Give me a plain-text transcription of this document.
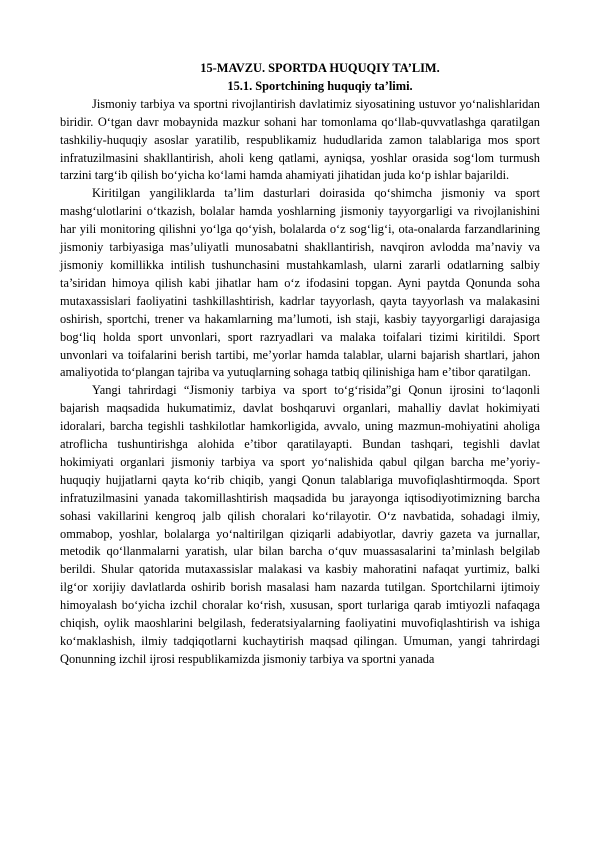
15-MAVZU. SPORTDA HUQUQIY TA’LIM.

15.1. Sportchining huquqiy ta’limi.

Jismoniy tarbiya va sportni rivojlantirish davlatimiz siyosatining ustuvor yo‘nalishlaridan biridir. O‘tgan davr mobaynida mazkur sohani har tomonlama qo‘llab-quvvatlashga qaratilgan tashkiliy-huquqiy asoslar yaratilib, respublikamiz hududlarida zamon talablariga mos sport infratuzilmasini shakllantirish, aholi keng qatlami, ayniqsa, yoshlar orasida sog‘lom turmush tarzini targ‘ib qilish bo‘yicha ko‘lami hamda ahamiyati jihatidan juda ko‘p ishlar bajarildi.

Kiritilgan yangiliklarda ta’lim dasturlari doirasida qo‘shimcha jismoniy va sport mashg‘ulotlarini o‘tkazish, bolalar hamda yoshlarning jismoniy tayyorgarligi va rivojlanishini har yili monitoring qilishni yo‘lga qo‘yish, bolalarda o‘z sog‘lig‘i, ota-onalarda farzandlarining jismoniy tarbiyasiga mas’uliyatli munosabatni shakllantirish, navqiron avlodda ma’naviy va jismoniy komillikka intilish tushunchasini mustahkamlash, ularni zararli odatlarning salbiy ta’siridan himoya qilish kabi jihatlar ham o‘z ifodasini topgan. Ayni paytda Qonunda soha mutaxassislari faoliyatini tashkillashtirish, kadrlar tayyorlash, qayta tayyorlash va malakasini oshirish, sportchi, trener va hakamlarning ma’lumoti, ish staji, kasbiy tayyorgarligi darajasiga bog‘liq holda sport unvonlari, sport razryadlari va malaka toifalari tizimi kiritildi. Sport unvonlari va toifalarini berish tartibi, me’yorlar hamda talablar, ularni bajarish shartlari, jahon amaliyotida to‘plangan tajriba va yutuqlarning sohaga tatbiq qilinishiga ham e’tibor qaratilgan.

Yangi tahrirdagi “Jismoniy tarbiya va sport to‘g‘risida”gi Qonun ijrosini to‘laqonli bajarish maqsadida hukumatimiz, davlat boshqaruvi organlari, mahalliy davlat hokimiyati idoralari, barcha tegishli tashkilotlar hamkorligida, avvalo, uning mazmun-mohiyatini aholiga atroflicha tushuntirishga alohida e’tibor qaratilayapti. Bundan tashqari, tegishli davlat hokimiyati organlari jismoniy tarbiya va sport yo‘nalishida qabul qilgan barcha me’yoriy-huquqiy hujjatlarni qayta ko‘rib chiqib, yangi Qonun talablariga muvofiqlashtirmoqda. Sport infratuzilmasini yanada takomillashtirish maqsadida bu jarayonga iqtisodiyotimizning barcha sohasi vakillarini kengroq jalb qilish choralari ko‘rilayotir. O‘z navbatida, sohadagi ilmiy, ommabop, yoshlar, bolalarga yo‘naltirilgan qiziqarli adabiyotlar, davriy gazeta va jurnallar, metodik qo‘llanmalarni yaratish, ular bilan barcha o‘quv muassasalarini ta’minlash belgilab berildi. Shular qatorida mutaxassislar malakasi va kasbiy mahoratini nafaqat yurtimiz, balki ilg‘or xorijiy davlatlarda oshirib borish masalasi ham nazarda tutilgan. Sportchilarni ijtimoiy himoyalash bo‘yicha izchil choralar ko‘rish, xususan, sport turlariga qarab imtiyozli nafaqaga chiqish, oylik maoshlarini belgilash, federatsiyalarning faoliyatini muvofiqlashtirish va ishiga ko‘maklashish, ilmiy tadqiqotlarni kuchaytirish maqsad qilingan. Umuman, yangi tahrirdagi Qonunning izchil ijrosi respublikamizda jismoniy tarbiya va sportni yanada
